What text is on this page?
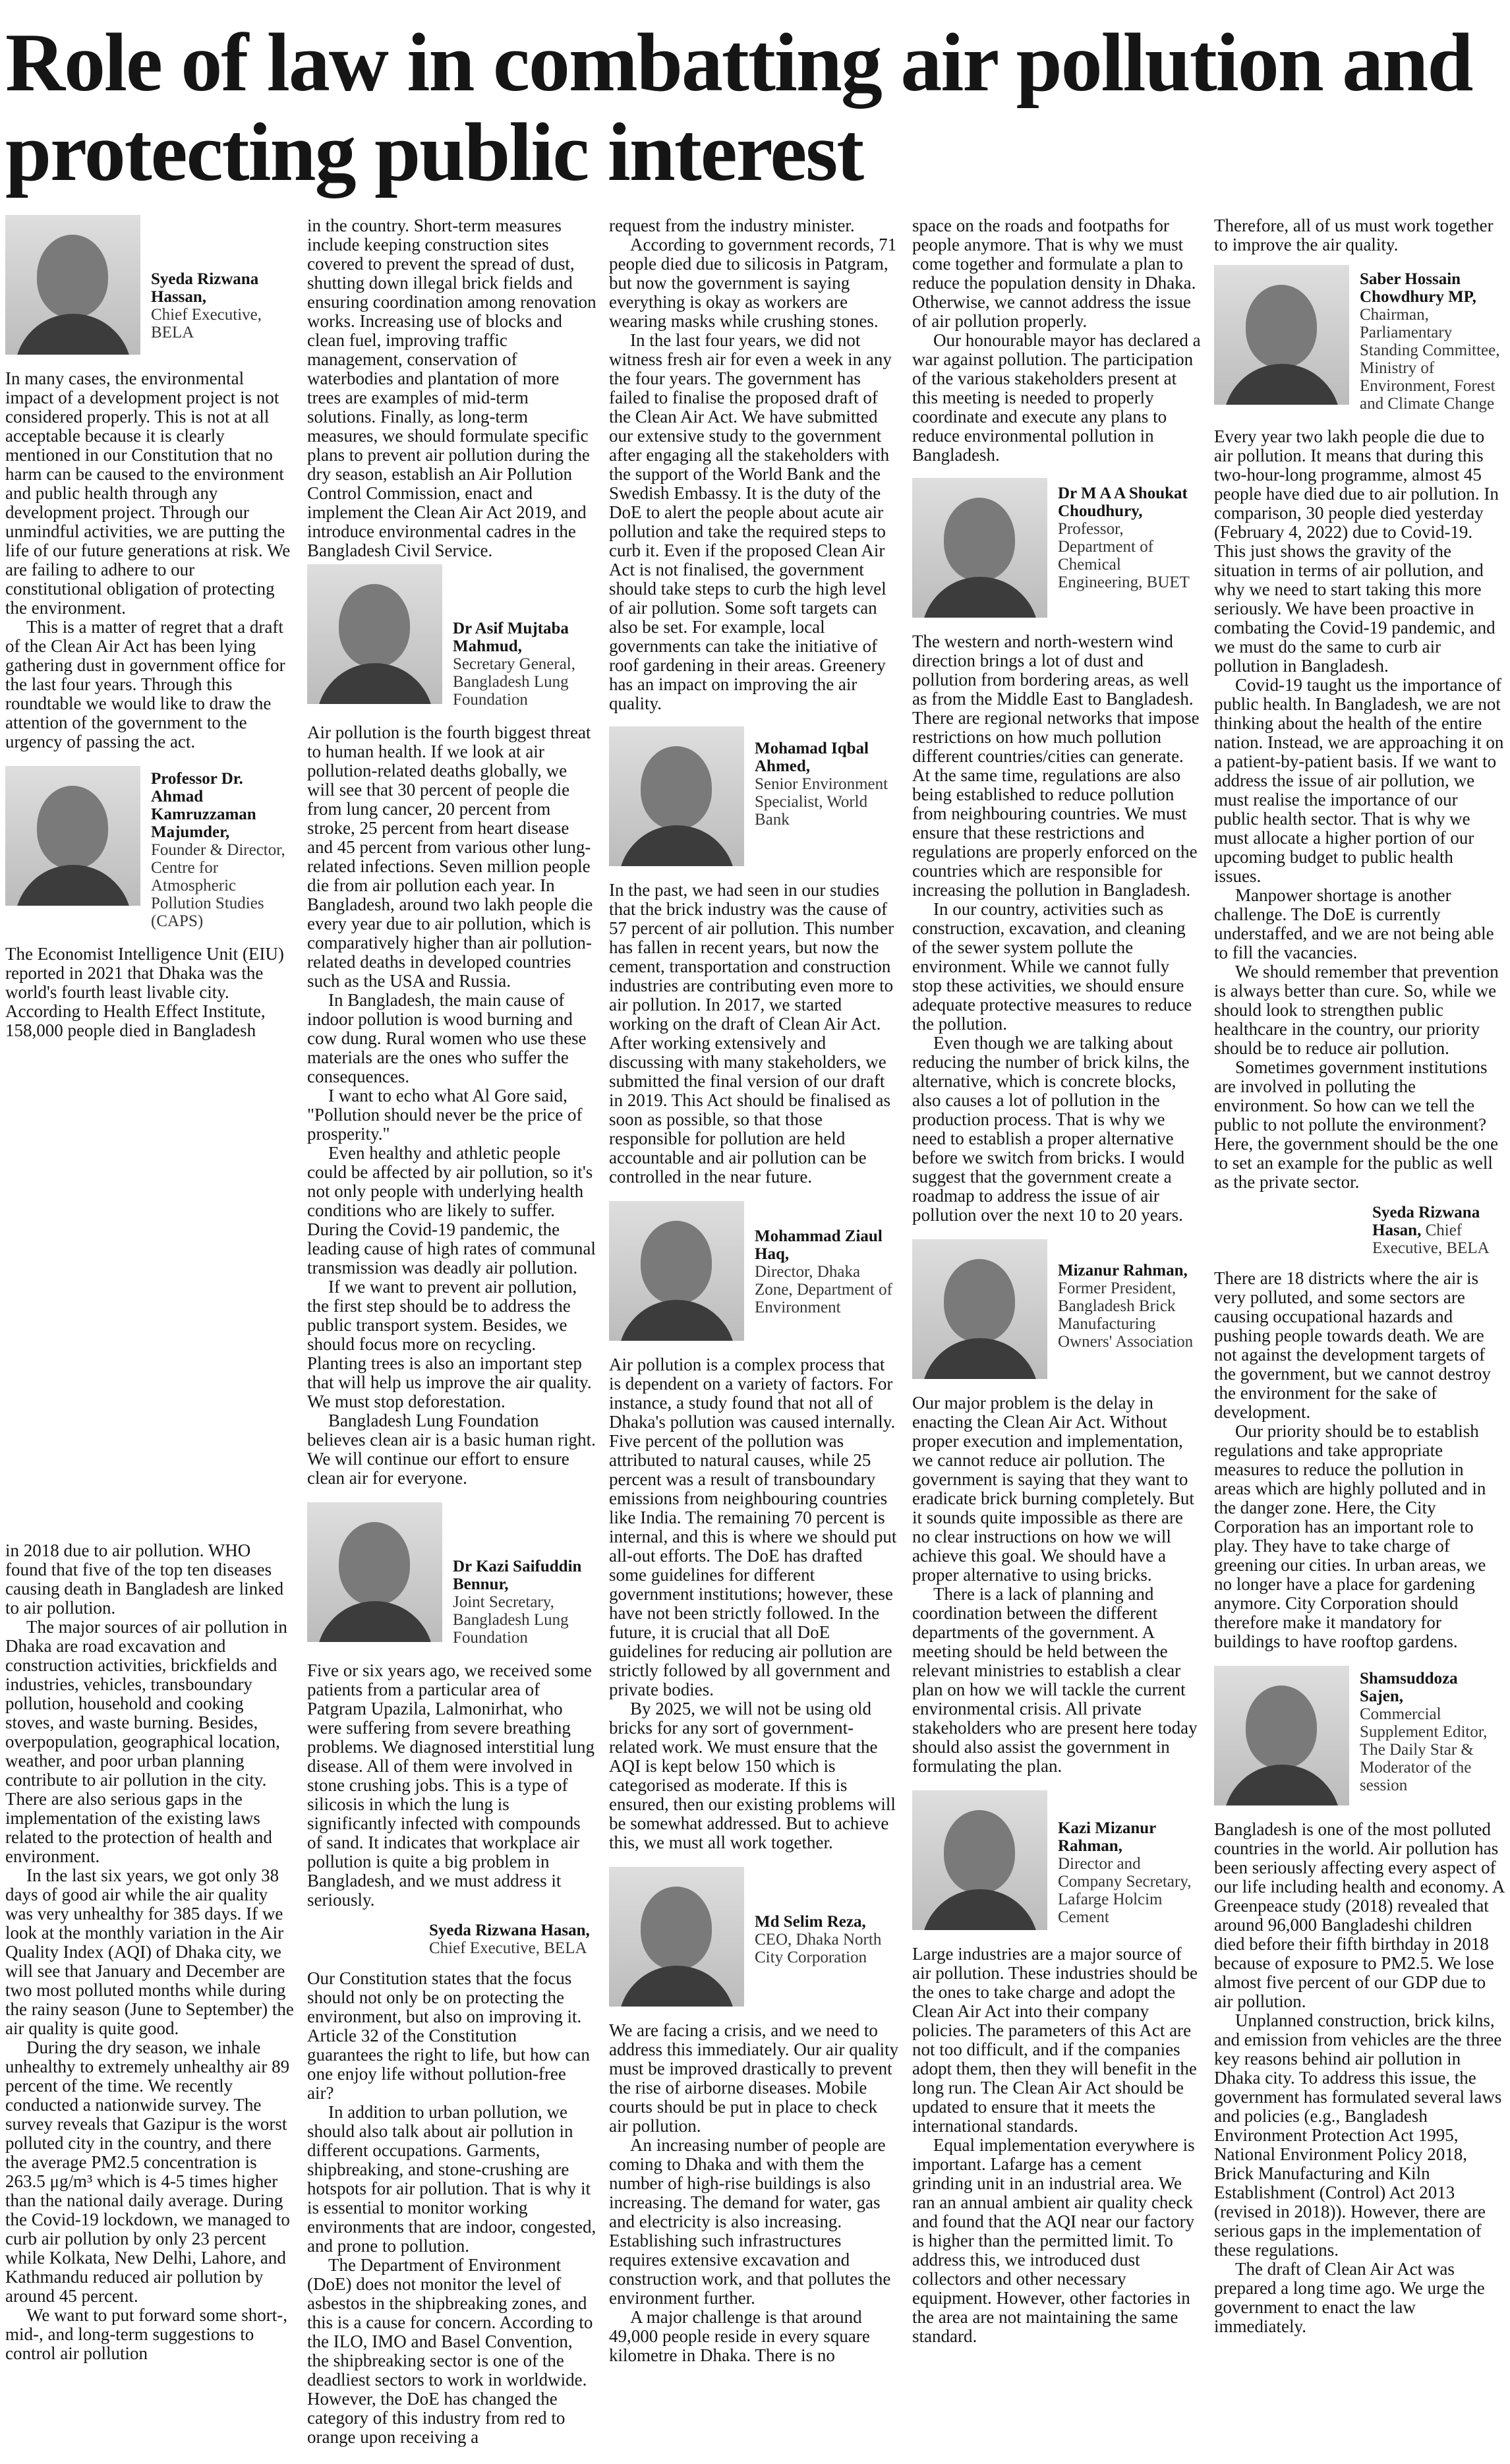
Role of law in combatting air pollution and protecting public interest
Syeda Rizwana Hassan,
Chief Executive, BELA

In many cases, the environmental impact of a development project is not considered properly. This is not at all acceptable because it is clearly mentioned in our Constitution that no harm can be caused to the environment and public health through any development project. Through our unmindful activities, we are putting the life of our future generations at risk. We are failing to adhere to our constitutional obligation of protecting the environment.

This is a matter of regret that a draft of the Clean Air Act has been lying gathering dust in government office for the last four years. Through this roundtable we would like to draw the attention of the government to the urgency of passing the act.

Professor Dr. Ahmad Kamruzzaman Majumder,
Founder & Director, Centre for Atmospheric Pollution Studies (CAPS)

The Economist Intelligence Unit (EIU) reported in 2021 that Dhaka was the world's fourth least livable city. According to Health Effect Institute, 158,000 people died in Bangladesh

in 2018 due to air pollution. WHO found that five of the top ten diseases causing death in Bangladesh are linked to air pollution.

The major sources of air pollution in Dhaka are road excavation and construction activities, brickfields and industries, vehicles, transboundary pollution, household and cooking stoves, and waste burning. Besides, overpopulation, geographical location, weather, and poor urban planning contribute to air pollution in the city. There are also serious gaps in the implementation of the existing laws related to the protection of health and environment.

In the last six years, we got only 38 days of good air while the air quality was very unhealthy for 385 days. If we look at the monthly variation in the Air Quality Index (AQI) of Dhaka city, we will see that January and December are two most polluted months while during the rainy season (June to September) the air quality is quite good.

During the dry season, we inhale unhealthy to extremely unhealthy air 89 percent of the time. We recently conducted a nationwide survey. The survey reveals that Gazipur is the worst polluted city in the country, and there the average PM2.5 concentration is 263.5 μg/m³ which is 4-5 times higher than the national daily average. During the Covid-19 lockdown, we managed to curb air pollution by only 23 percent while Kolkata, New Delhi, Lahore, and Kathmandu reduced air pollution by around 45 percent.

We want to put forward some short-, mid-, and long-term suggestions to control air pollution

in the country. Short-term measures include keeping construction sites covered to prevent the spread of dust, shutting down illegal brick fields and ensuring coordination among renovation works. Increasing use of blocks and clean fuel, improving traffic management, conservation of waterbodies and plantation of more trees are examples of mid-term solutions. Finally, as long-term measures, we should formulate specific plans to prevent air pollution during the dry season, establish an Air Pollution Control Commission, enact and implement the Clean Air Act 2019, and introduce environmental cadres in the Bangladesh Civil Service.

Dr Asif Mujtaba Mahmud,
Secretary General, Bangladesh Lung Foundation

Air pollution is the fourth biggest threat to human health. If we look at air pollution-related deaths globally, we will see that 30 percent of people die from lung cancer, 20 percent from stroke, 25 percent from heart disease and 45 percent from various other lung-related infections. Seven million people die from air pollution each year. In Bangladesh, around two lakh people die every year due to air pollution, which is comparatively higher than air pollution-related deaths in developed countries such as the USA and Russia.

In Bangladesh, the main cause of indoor pollution is wood burning and cow dung. Rural women who use these materials are the ones who suffer the consequences.

I want to echo what Al Gore said, "Pollution should never be the price of prosperity."

Even healthy and athletic people could be affected by air pollution, so it's not only people with underlying health conditions who are likely to suffer. During the Covid-19 pandemic, the leading cause of high rates of communal transmission was deadly air pollution.

If we want to prevent air pollution, the first step should be to address the public transport system. Besides, we should focus more on recycling. Planting trees is also an important step that will help us improve the air quality. We must stop deforestation.

Bangladesh Lung Foundation believes clean air is a basic human right. We will continue our effort to ensure clean air for everyone.

Dr Kazi Saifuddin Bennur,
Joint Secretary, Bangladesh Lung Foundation

Five or six years ago, we received some patients from a particular area of Patgram Upazila, Lalmonirhat, who were suffering from severe breathing problems. We diagnosed interstitial lung disease. All of them were involved in stone crushing jobs. This is a type of silicosis in which the lung is significantly infected with compounds of sand. It indicates that workplace air pollution is quite a big problem in Bangladesh, and we must address it seriously.

Syeda Rizwana Hasan, Chief Executive, BELA

Our Constitution states that the focus should not only be on protecting the environment, but also on improving it. Article 32 of the Constitution guarantees the right to life, but how can one enjoy life without pollution-free air?

In addition to urban pollution, we should also talk about air pollution in different occupations. Garments, shipbreaking, and stone-crushing are hotspots for air pollution. That is why it is essential to monitor working environments that are indoor, congested, and prone to pollution.

The Department of Environment (DoE) does not monitor the level of asbestos in the shipbreaking zones, and this is a cause for concern. According to the ILO, IMO and Basel Convention, the shipbreaking sector is one of the deadliest sectors to work in worldwide. However, the DoE has changed the category of this industry from red to orange upon receiving a

request from the industry minister.

According to government records, 71 people died due to silicosis in Patgram, but now the government is saying everything is okay as workers are wearing masks while crushing stones.

In the last four years, we did not witness fresh air for even a week in any the four years. The government has failed to finalise the proposed draft of the Clean Air Act. We have submitted our extensive study to the government after engaging all the stakeholders with the support of the World Bank and the Swedish Embassy. It is the duty of the DoE to alert the people about acute air pollution and take the required steps to curb it. Even if the proposed Clean Air Act is not finalised, the government should take steps to curb the high level of air pollution. Some soft targets can also be set. For example, local governments can take the initiative of roof gardening in their areas. Greenery has an impact on improving the air quality.

Mohamad Iqbal Ahmed,
Senior Environment Specialist, World Bank

In the past, we had seen in our studies that the brick industry was the cause of 57 percent of air pollution. This number has fallen in recent years, but now the cement, transportation and construction industries are contributing even more to air pollution. In 2017, we started working on the draft of Clean Air Act. After working extensively and discussing with many stakeholders, we submitted the final version of our draft in 2019. This Act should be finalised as soon as possible, so that those responsible for pollution are held accountable and air pollution can be controlled in the near future.

Mohammad Ziaul Haq,
Director, Dhaka Zone, Department of Environment

Air pollution is a complex process that is dependent on a variety of factors. For instance, a study found that not all of Dhaka's pollution was caused internally. Five percent of the pollution was attributed to natural causes, while 25 percent was a result of transboundary emissions from neighbouring countries like India. The remaining 70 percent is internal, and this is where we should put all-out efforts. The DoE has drafted some guidelines for different government institutions; however, these have not been strictly followed. In the future, it is crucial that all DoE guidelines for reducing air pollution are strictly followed by all government and private bodies.

By 2025, we will not be using old bricks for any sort of government-related work. We must ensure that the AQI is kept below 150 which is categorised as moderate. If this is ensured, then our existing problems will be somewhat addressed. But to achieve this, we must all work together.

Md Selim Reza,
CEO, Dhaka North City Corporation

We are facing a crisis, and we need to address this immediately. Our air quality must be improved drastically to prevent the rise of airborne diseases. Mobile courts should be put in place to check air pollution.

An increasing number of people are coming to Dhaka and with them the number of high-rise buildings is also increasing. The demand for water, gas and electricity is also increasing. Establishing such infrastructures requires extensive excavation and construction work, and that pollutes the environment further.

A major challenge is that around 49,000 people reside in every square kilometre in Dhaka. There is no

space on the roads and footpaths for people anymore. That is why we must come together and formulate a plan to reduce the population density in Dhaka. Otherwise, we cannot address the issue of air pollution properly.

Our honourable mayor has declared a war against pollution. The participation of the various stakeholders present at this meeting is needed to properly coordinate and execute any plans to reduce environmental pollution in Bangladesh.

Dr M A A Shoukat Choudhury,
Professor, Department of Chemical Engineering, BUET

The western and north-western wind direction brings a lot of dust and pollution from bordering areas, as well as from the Middle East to Bangladesh. There are regional networks that impose restrictions on how much pollution different countries/cities can generate. At the same time, regulations are also being established to reduce pollution from neighbouring countries. We must ensure that these restrictions and regulations are properly enforced on the countries which are responsible for increasing the pollution in Bangladesh.

In our country, activities such as construction, excavation, and cleaning of the sewer system pollute the environment. While we cannot fully stop these activities, we should ensure adequate protective measures to reduce the pollution.

Even though we are talking about reducing the number of brick kilns, the alternative, which is concrete blocks, also causes a lot of pollution in the production process. That is why we need to establish a proper alternative before we switch from bricks. I would suggest that the government create a roadmap to address the issue of air pollution over the next 10 to 20 years.

Mizanur Rahman,
Former President, Bangladesh Brick Manufacturing Owners' Association

Our major problem is the delay in enacting the Clean Air Act. Without proper execution and implementation, we cannot reduce air pollution. The government is saying that they want to eradicate brick burning completely. But it sounds quite impossible as there are no clear instructions on how we will achieve this goal. We should have a proper alternative to using bricks.

There is a lack of planning and coordination between the different departments of the government. A meeting should be held between the relevant ministries to establish a clear plan on how we will tackle the current environmental crisis. All private stakeholders who are present here today should also assist the government in formulating the plan.

Kazi Mizanur Rahman,
Director and Company Secretary, Lafarge Holcim Cement

Large industries are a major source of air pollution. These industries should be the ones to take charge and adopt the Clean Air Act into their company policies. The parameters of this Act are not too difficult, and if the companies adopt them, then they will benefit in the long run. The Clean Air Act should be updated to ensure that it meets the international standards.

Equal implementation everywhere is important. Lafarge has a cement grinding unit in an industrial area. We ran an annual ambient air quality check and found that the AQI near our factory is higher than the permitted limit. To address this, we introduced dust collectors and other necessary equipment. However, other factories in the area are not maintaining the same standard.

Therefore, all of us must work together to improve the air quality.

Saber Hossain Chowdhury MP,
Chairman, Parliamentary Standing Committee, Ministry of Environment, Forest and Climate Change

Every year two lakh people die due to air pollution. It means that during this two-hour-long programme, almost 45 people have died due to air pollution. In comparison, 30 people died yesterday (February 4, 2022) due to Covid-19. This just shows the gravity of the situation in terms of air pollution, and why we need to start taking this more seriously. We have been proactive in combating the Covid-19 pandemic, and we must do the same to curb air pollution in Bangladesh.

Covid-19 taught us the importance of public health. In Bangladesh, we are not thinking about the health of the entire nation. Instead, we are approaching it on a patient-by-patient basis. If we want to address the issue of air pollution, we must realise the importance of our public health sector. That is why we must allocate a higher portion of our upcoming budget to public health issues.

Manpower shortage is another challenge. The DoE is currently understaffed, and we are not being able to fill the vacancies.

We should remember that prevention is always better than cure. So, while we should look to strengthen public healthcare in the country, our priority should be to reduce air pollution.

Sometimes government institutions are involved in polluting the environment. So how can we tell the public to not pollute the environment? Here, the government should be the one to set an example for the public as well as the private sector.

Syeda Rizwana Hasan, Chief Executive, BELA

There are 18 districts where the air is very polluted, and some sectors are causing occupational hazards and pushing people towards death. We are not against the development targets of the government, but we cannot destroy the environment for the sake of development.

Our priority should be to establish regulations and take appropriate measures to reduce the pollution in areas which are highly polluted and in the danger zone. Here, the City Corporation has an important role to play. They have to take charge of greening our cities. In urban areas, we no longer have a place for gardening anymore. City Corporation should therefore make it mandatory for buildings to have rooftop gardens.

Shamsuddoza Sajen,
Commercial Supplement Editor, The Daily Star & Moderator of the session

Bangladesh is one of the most polluted countries in the world. Air pollution has been seriously affecting every aspect of our life including health and economy. A Greenpeace study (2018) revealed that around 96,000 Bangladeshi children died before their fifth birthday in 2018 because of exposure to PM2.5. We lose almost five percent of our GDP due to air pollution.

Unplanned construction, brick kilns, and emission from vehicles are the three key reasons behind air pollution in Dhaka city. To address this issue, the government has formulated several laws and policies (e.g., Bangladesh Environment Protection Act 1995, National Environment Policy 2018, Brick Manufacturing and Kiln Establishment (Control) Act 2013 (revised in 2018)). However, there are serious gaps in the implementation of these regulations.

The draft of Clean Air Act was prepared a long time ago. We urge the government to enact the law immediately.
